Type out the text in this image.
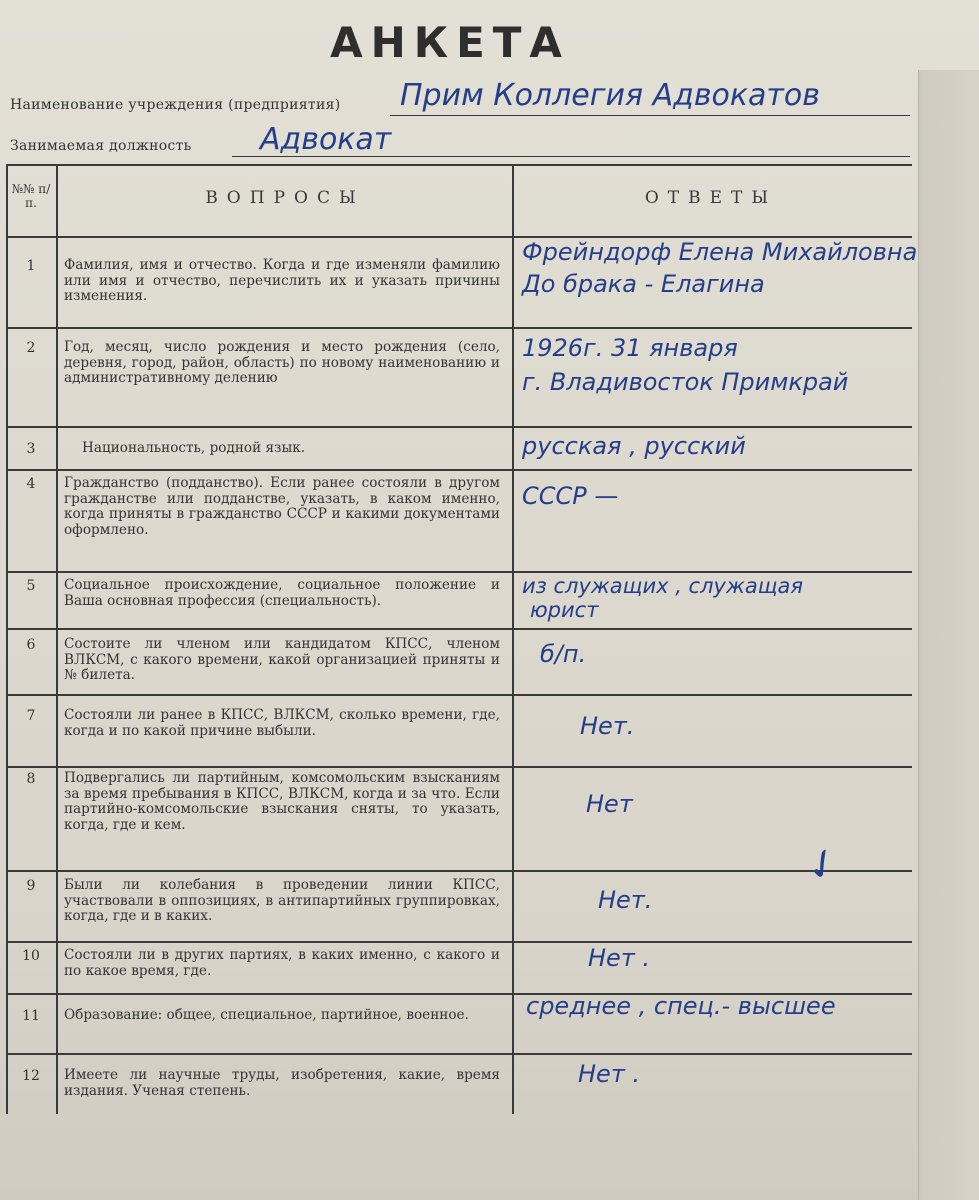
АНКЕТА
Наименование учреждения (предприятия) Прим Коллегия Адвокатов
Занимаемая должность Адвокат
№№ п/п.	ВОПРОСЫ	ОТВЕТЫ
1	Фамилия, имя и отчество. Когда и где изменяли фамилию или имя и отчество, перечислить их и указать причины изменения.
Фрейндорф Елена Михайловна
До брака - Елагина
2	Год, месяц, число рождения и место рождения (село, деревня, город, район, область) по новому наименованию и административному делению
1926г. 31 января
г. Владивосток Примкрай
3	Национальность, родной язык.	русская , русский
4	Гражданство (подданство). Если ранее состояли в другом гражданстве или подданстве, указать, в каком именно, когда приняты в гражданство СССР и какими документами оформлено.
СССР —
5	Социальное происхождение, социальное положение и Ваша основная профессия (специальность).
из служащих , служащая
юрист
6	Состоите ли членом или кандидатом КПСС, членом ВЛКСМ, с какого времени, какой организацией приняты и № билета.
б/п.
7	Состояли ли ранее в КПСС, ВЛКСМ, сколько времени, где, когда и по какой причине выбыли.	Нет.
8	Подвергались ли партийным, комсомольским взысканиям за время пребывания в КПСС, ВЛКСМ, когда и за что. Если партийно-комсомольские взыскания сняты, то указать, когда, где и кем.
Нет
9	Были ли колебания в проведении линии КПСС, участвовали в оппозициях, в антипартийных группировках, когда, где и в каких.
Нет.
10	Состояли ли в других партиях, в каких именно, с какого и по какое время, где.	Нет .
11	Образование: общее, специальное, партийное, военное.	среднее , спец.- высшее
12	Имеете ли научные труды, изобретения, какие, время издания. Ученая степень.
Нет .
✓
